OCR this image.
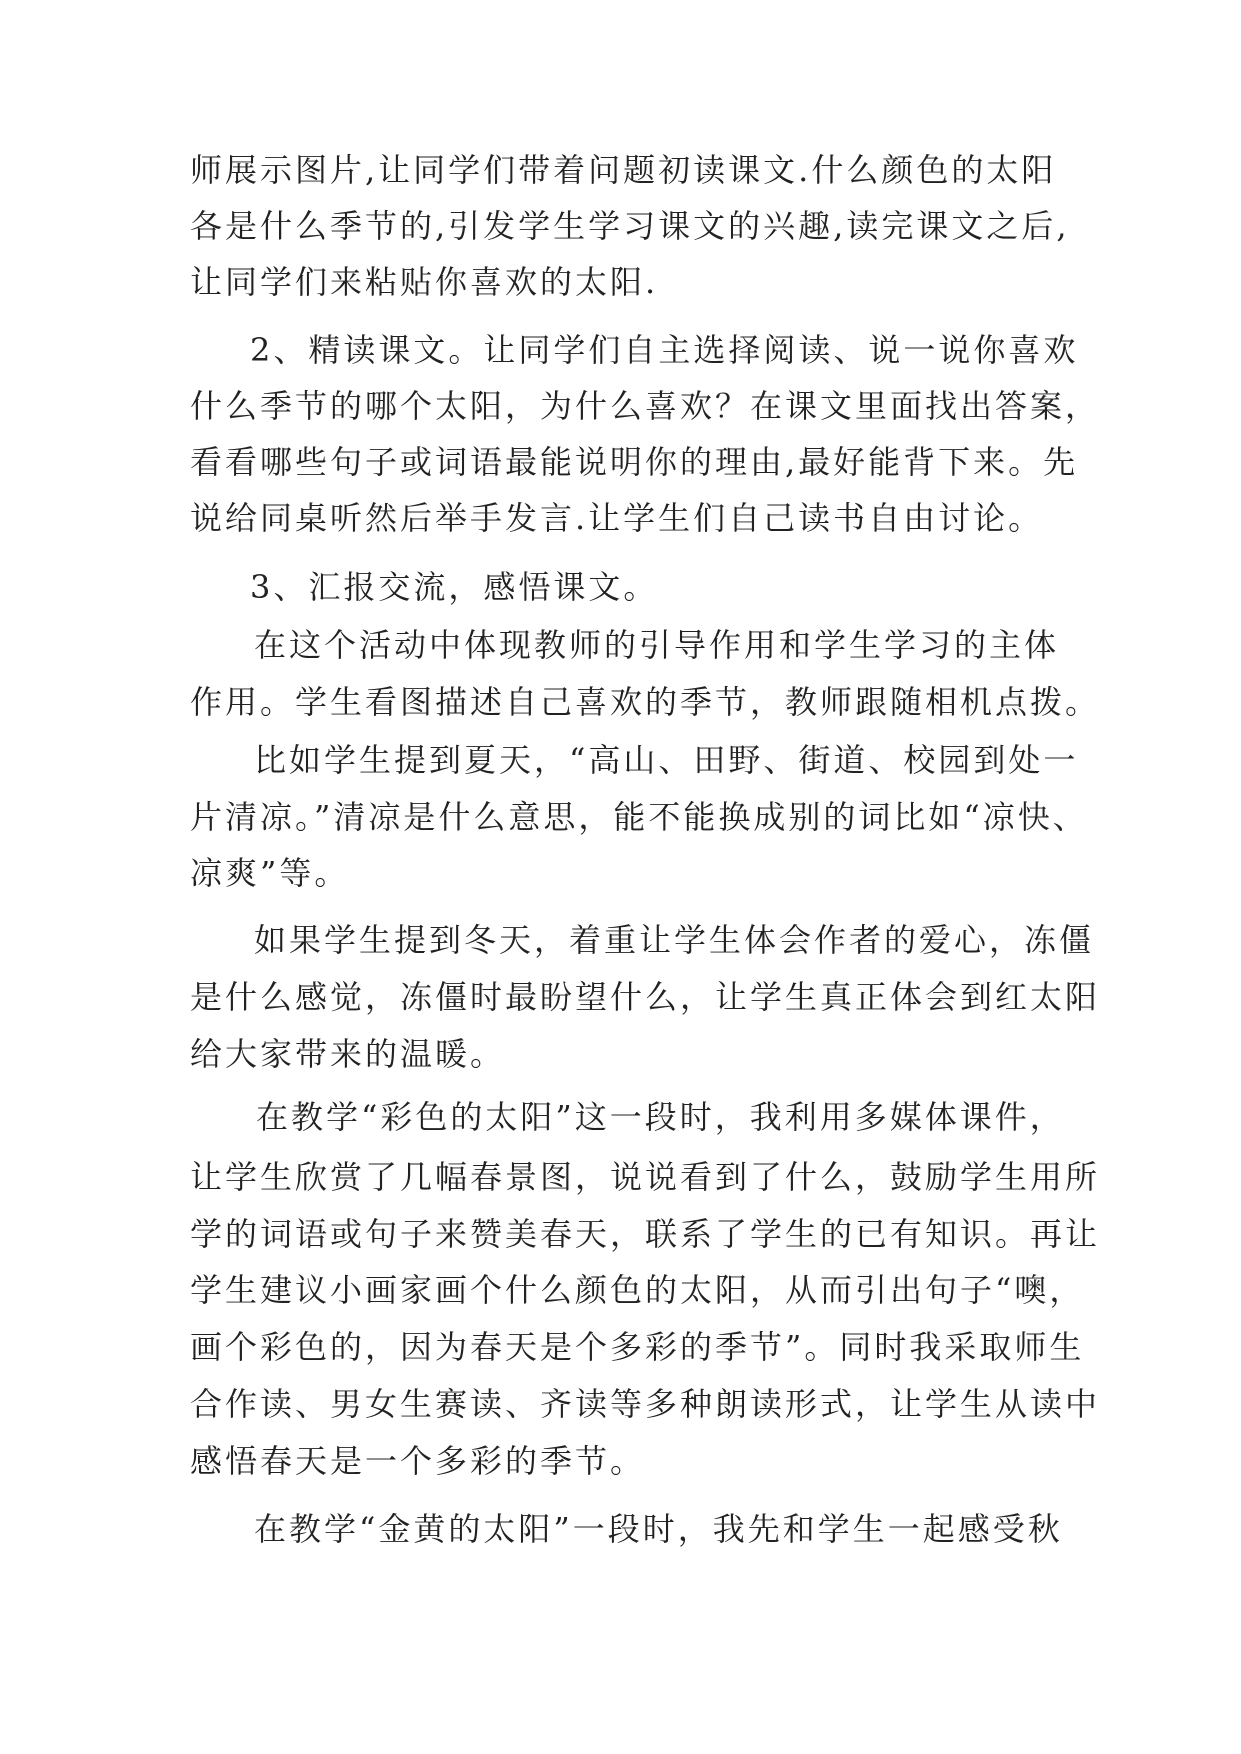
师展示图片,让同学们带着问题初读课文.什么颜色的太阳
各是什么季节的,引发学生学习课文的兴趣,读完课文之后,
让同学们来粘贴你喜欢的太阳.
2、精读课文。让同学们自主选择阅读、说一说你喜欢
什么季节的哪个太阳，为什么喜欢？在课文里面找出答案，
看看哪些句子或词语最能说明你的理由,最好能背下来。先
说给同桌听然后举手发言.让学生们自己读书自由讨论。
3、汇报交流，感悟课文。
在这个活动中体现教师的引导作用和学生学习的主体
作用。学生看图描述自己喜欢的季节，教师跟随相机点拨。
比如学生提到夏天，“高山、田野、街道、校园到处一
片清凉。”清凉是什么意思，能不能换成别的词比如“凉快、
凉爽”等。
如果学生提到冬天，着重让学生体会作者的爱心，冻僵
是什么感觉，冻僵时最盼望什么，让学生真正体会到红太阳
给大家带来的温暖。
在教学“彩色的太阳”这一段时，我利用多媒体课件，
让学生欣赏了几幅春景图，说说看到了什么，鼓励学生用所
学的词语或句子来赞美春天，联系了学生的已有知识。再让
学生建议小画家画个什么颜色的太阳，从而引出句子“噢，
画个彩色的，因为春天是个多彩的季节”。同时我采取师生
合作读、男女生赛读、齐读等多种朗读形式，让学生从读中
感悟春天是一个多彩的季节。
在教学“金黄的太阳”一段时，我先和学生一起感受秋
